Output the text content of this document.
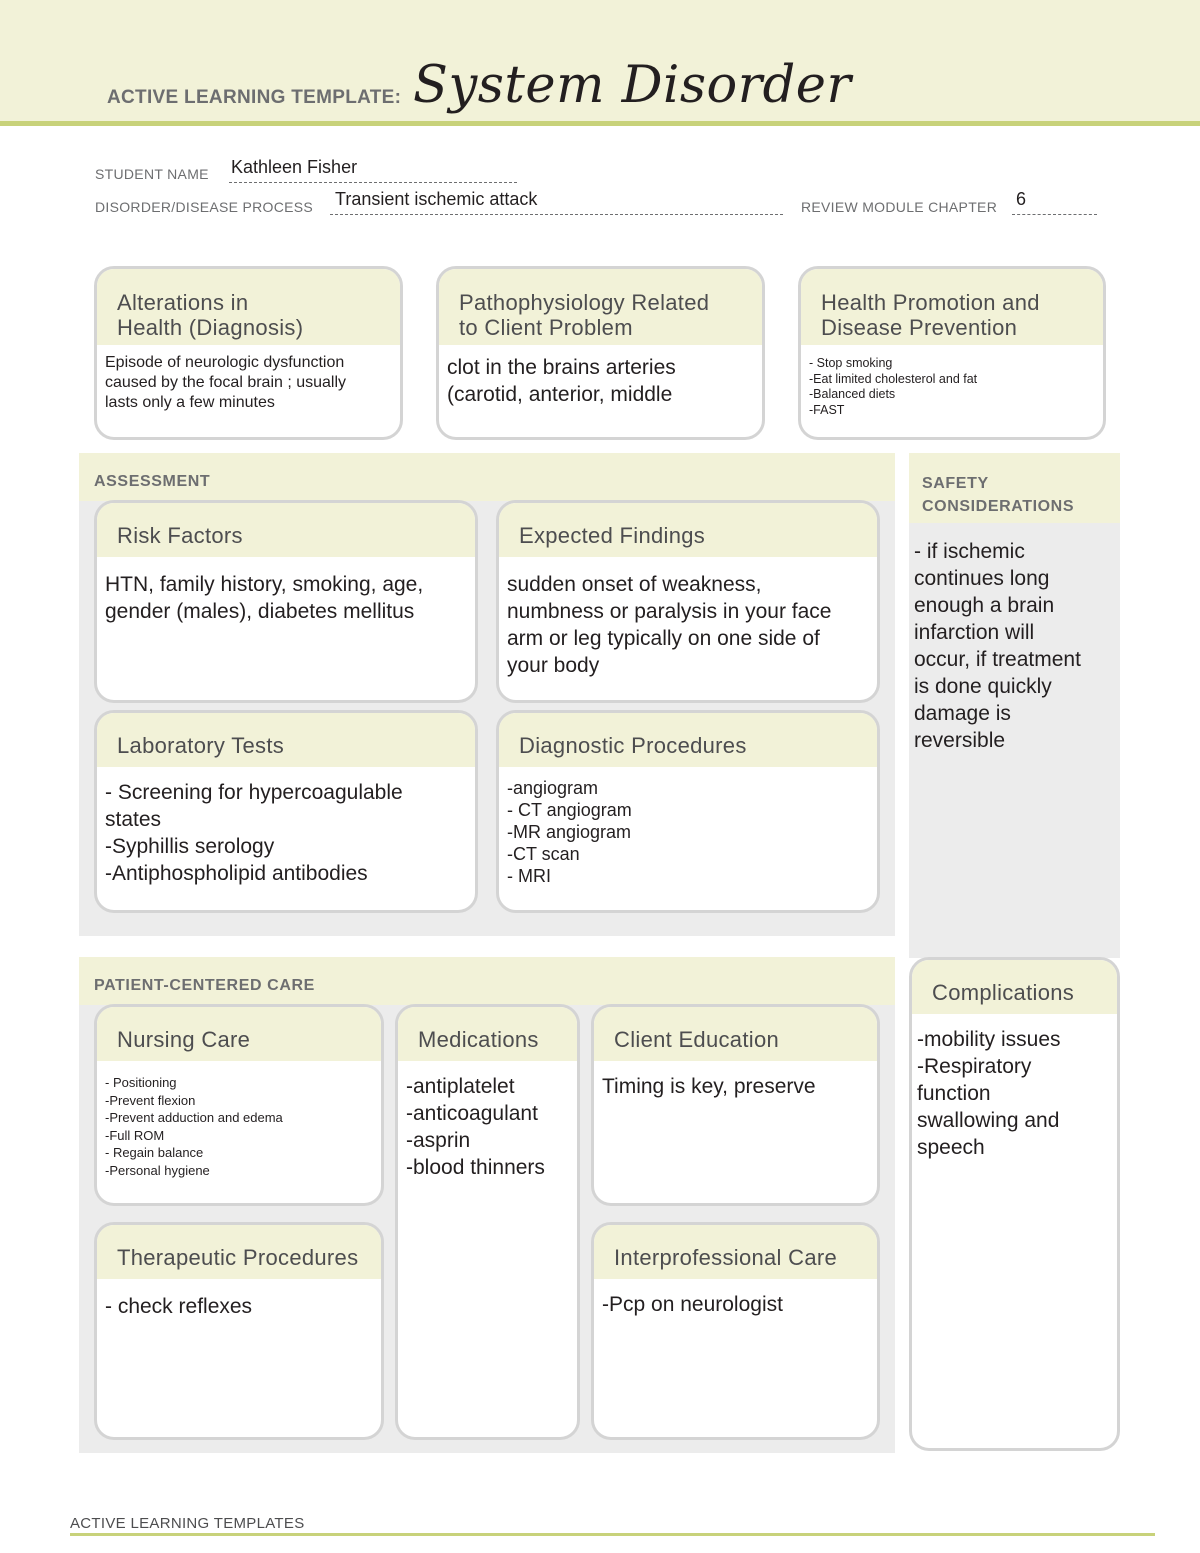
ACTIVE LEARNING TEMPLATE: System Disorder
STUDENT NAME Kathleen Fisher
DISORDER/DISEASE PROCESS Transient ischemic attack	REVIEW MODULE CHAPTER 6
Alterations in
Health (Diagnosis)
Episode of neurologic dysfunction
caused by the focal brain ; usually
lasts only a few minutes
Pathophysiology Related
to Client Problem
clot in the brains arteries
(carotid, anterior, middle
Health Promotion and
Disease Prevention
- Stop smoking
-Eat limited cholesterol and fat
-Balanced diets
-FAST
ASSESSMENT
Risk Factors
HTN, family history, smoking, age,
gender (males), diabetes mellitus
Expected Findings
sudden onset of weakness,
numbness or paralysis in your face
arm or leg typically on one side of
your body
Laboratory Tests
- Screening for hypercoagulable
states
-Syphillis serology
-Antiphospholipid antibodies
Diagnostic Procedures
-angiogram
- CT angiogram
-MR angiogram
-CT scan
- MRI
SAFETY
CONSIDERATIONS
- if ischemic
continues long
enough a brain
infarction will
occur, if treatment
is done quickly
damage is
reversible
PATIENT-CENTERED CARE
Nursing Care
- Positioning
-Prevent flexion
-Prevent adduction and edema
-Full ROM
- Regain balance
-Personal hygiene
Medications
-antiplatelet
-anticoagulant
-asprin
-blood thinners
Client Education
Timing is key, preserve
Therapeutic Procedures
- check reflexes
Interprofessional Care
-Pcp on neurologist
Complications
-mobility issues
-Respiratory
function
swallowing and
speech
ACTIVE LEARNING TEMPLATES
